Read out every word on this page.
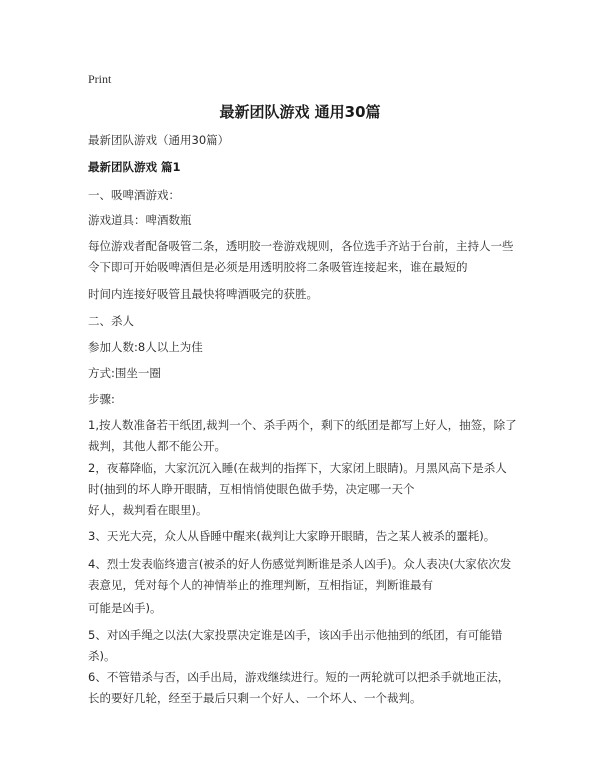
Print
最新团队游戏 通用30篇
最新团队游戏（通用30篇）
最新团队游戏 篇1
一、吸啤酒游戏：
游戏道具：啤酒数瓶
每位游戏者配备吸管二条，透明胶一卷游戏规则，各位选手齐站于台前，主持人一些令下即可开始吸啤酒但是必须是用透明胶将二条吸管连接起来，谁在最短的
时间内连接好吸管且最快将啤酒吸完的获胜。
二、杀人
参加人数:8人以上为佳
方式:围坐一圈
步骤:
1,按人数准备若干纸团,裁判一个、杀手两个，剩下的纸团是都写上好人，抽签，除了裁判，其他人都不能公开。
2，夜幕降临，大家沉沉入睡(在裁判的指挥下，大家闭上眼睛)。月黑风高下是杀人时(抽到的坏人睁开眼睛，互相悄悄使眼色做手势，决定哪一天个
好人，裁判看在眼里)。
3、天光大亮，众人从昏睡中醒来(裁判让大家睁开眼睛，告之某人被杀的噩耗)。
4、烈士发表临终遗言(被杀的好人伤感觉判断谁是杀人凶手)。众人表决(大家依次发表意见，凭对每个人的神情举止的推理判断，互相指证，判断谁最有
可能是凶手)。
5、对凶手绳之以法(大家投票决定谁是凶手，该凶手出示他抽到的纸团，有可能错杀)。
6、不管错杀与否，凶手出局，游戏继续进行。短的一两轮就可以把杀手就地正法，长的要好几轮，经至于最后只剩一个好人、一个坏人、一个裁判。
